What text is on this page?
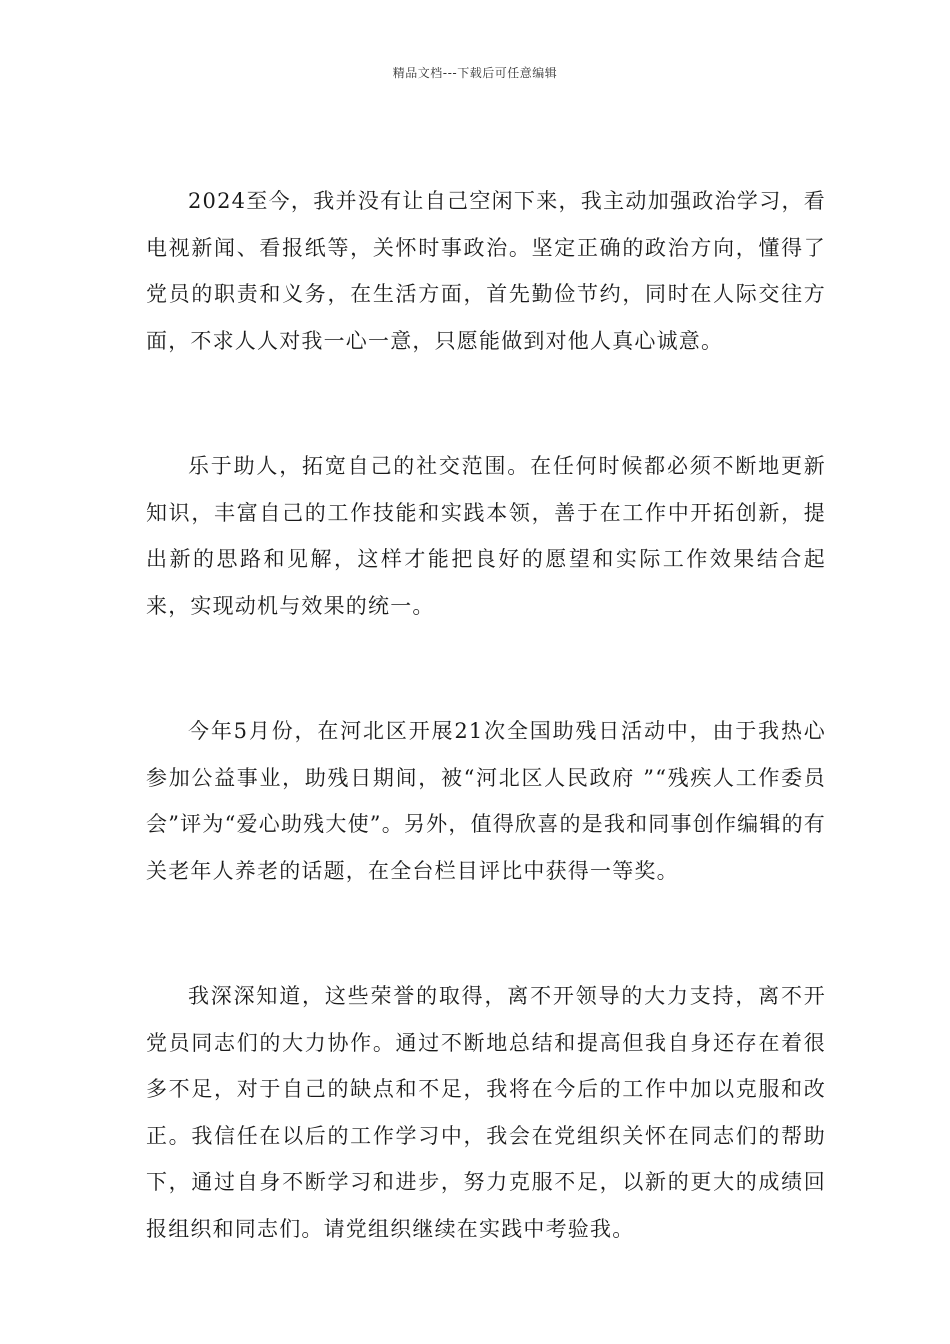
精品文档---下载后可任意编辑

2024至今，我并没有让自己空闲下来，我主动加强政治学习，看电视新闻、看报纸等，关怀时事政治。坚定正确的政治方向，懂得了党员的职责和义务，在生活方面，首先勤俭节约，同时在人际交往方面，不求人人对我一心一意，只愿能做到对他人真心诚意。

乐于助人，拓宽自己的社交范围。在任何时候都必须不断地更新知识，丰富自己的工作技能和实践本领，善于在工作中开拓创新，提出新的思路和见解，这样才能把良好的愿望和实际工作效果结合起来，实现动机与效果的统一。

今年5月份，在河北区开展21次全国助残日活动中，由于我热心参加公益事业，助残日期间，被“河北区人民政府 ”“残疾人工作委员会”评为“爱心助残大使”。另外，值得欣喜的是我和同事创作编辑的有关老年人养老的话题，在全台栏目评比中获得一等奖。

我深深知道，这些荣誉的取得，离不开领导的大力支持，离不开党员同志们的大力协作。通过不断地总结和提高但我自身还存在着很多不足，对于自己的缺点和不足，我将在今后的工作中加以克服和改正。我信任在以后的工作学习中，我会在党组织关怀在同志们的帮助下，通过自身不断学习和进步，努力克服不足，以新的更大的成绩回报组织和同志们。请党组织继续在实践中考验我。
